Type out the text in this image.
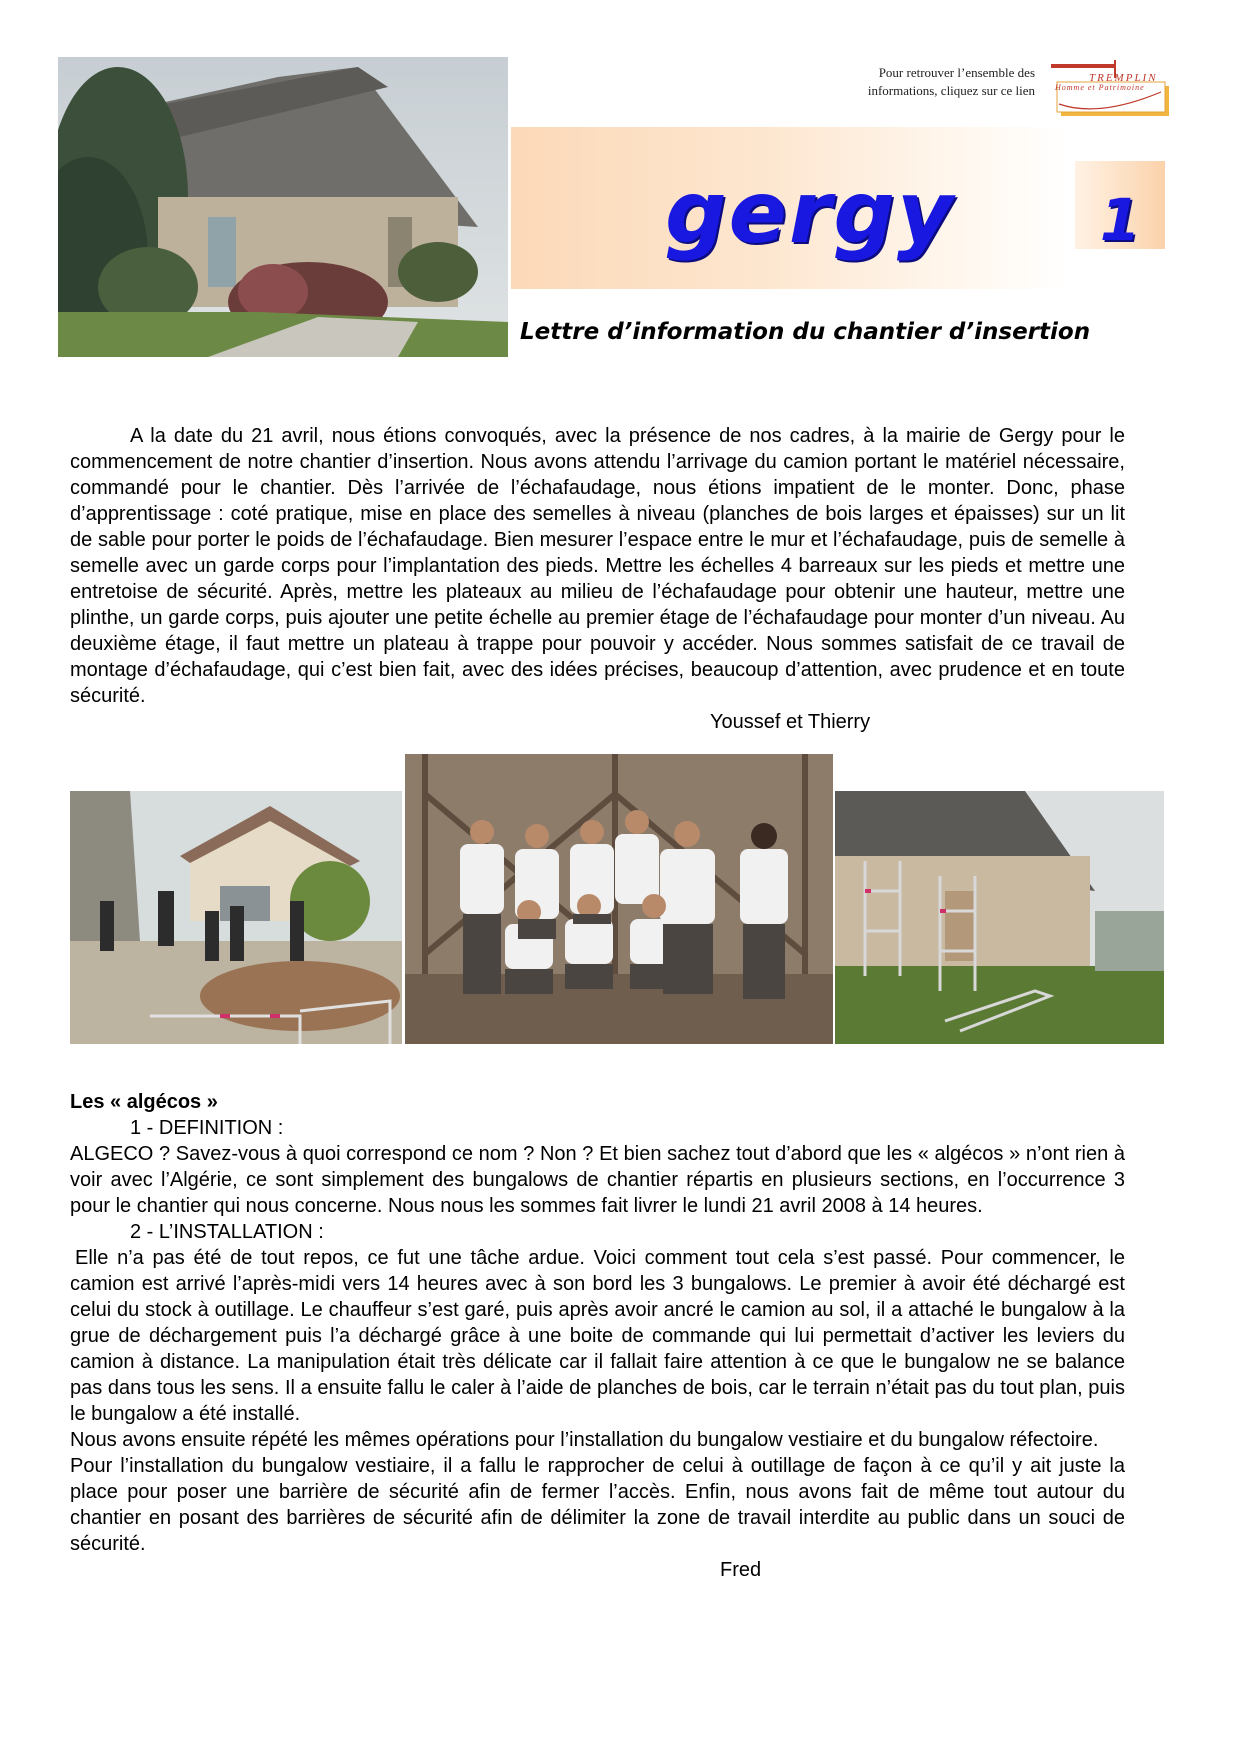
Pour retrouver l’ensemble des
informations, cliquez sur ce lien
TREMPLIN
Homme et Patrimoine
gergy	1
Lettre d’information du chantier d’insertion

A la date du 21 avril, nous étions convoqués, avec la présence de nos cadres, à la mairie de Gergy pour le commencement de notre chantier d’insertion. Nous avons attendu l’arrivage du camion portant le matériel nécessaire, commandé pour le chantier. Dès l’arrivée de l’échafaudage, nous étions impatient de le monter. Donc, phase d’apprentissage : coté pratique, mise en place des semelles à niveau (planches de bois larges et épaisses) sur un lit de sable pour porter le poids de l’échafaudage. Bien mesurer l’espace entre le mur et l’échafaudage, puis de semelle à semelle avec un garde corps pour l’implantation des pieds. Mettre les échelles 4 barreaux sur les pieds et mettre une entretoise de sécurité. Après, mettre les plateaux au milieu de l’échafaudage pour obtenir une hauteur, mettre une plinthe, un garde corps, puis ajouter une petite échelle au premier étage de l’échafaudage pour monter d’un niveau. Au deuxième étage, il faut mettre un plateau à trappe pour pouvoir y accéder. Nous sommes satisfait de ce travail de montage d’échafaudage, qui c’est bien fait, avec des idées précises, beaucoup d’attention, avec prudence et en toute sécurité.

Youssef et Thierry
Les « algécos »
1 - DEFINITION :

ALGECO ? Savez-vous à quoi correspond ce nom ? Non ? Et bien sachez tout d’abord que les « algécos » n’ont rien à voir avec l’Algérie, ce sont simplement des bungalows de chantier répartis en plusieurs sections, en l’occurrence 3 pour le chantier qui nous concerne. Nous nous les sommes fait livrer le lundi 21 avril 2008 à 14 heures.

2 - L’INSTALLATION :

Elle n’a pas été de tout repos, ce fut une tâche ardue. Voici comment tout cela s’est passé. Pour commencer, le camion est arrivé l’après-midi vers 14 heures avec à son bord les 3 bungalows. Le premier à avoir été déchargé est celui du stock à outillage. Le chauffeur s’est garé, puis après avoir ancré le camion au sol, il a attaché le bungalow à la grue de déchargement puis l’a déchargé grâce à une boite de commande qui lui permettait d’activer les leviers du camion à distance. La manipulation était très délicate car il fallait faire attention à ce que le bungalow ne se balance pas dans tous les sens. Il a ensuite fallu le caler à l’aide de planches de bois, car le terrain n’était pas du tout plan, puis le bungalow a été installé.

Nous avons ensuite répété les mêmes opérations pour l’installation du bungalow vestiaire et du bungalow réfectoire.

Pour l’installation du bungalow vestiaire, il a fallu le rapprocher de celui à outillage de façon à ce qu’il y ait juste la place pour poser une barrière de sécurité afin de fermer l’accès. Enfin, nous avons fait de même tout autour du chantier en posant des barrières de sécurité afin de délimiter la zone de travail interdite au public dans un souci de sécurité.

Fred
